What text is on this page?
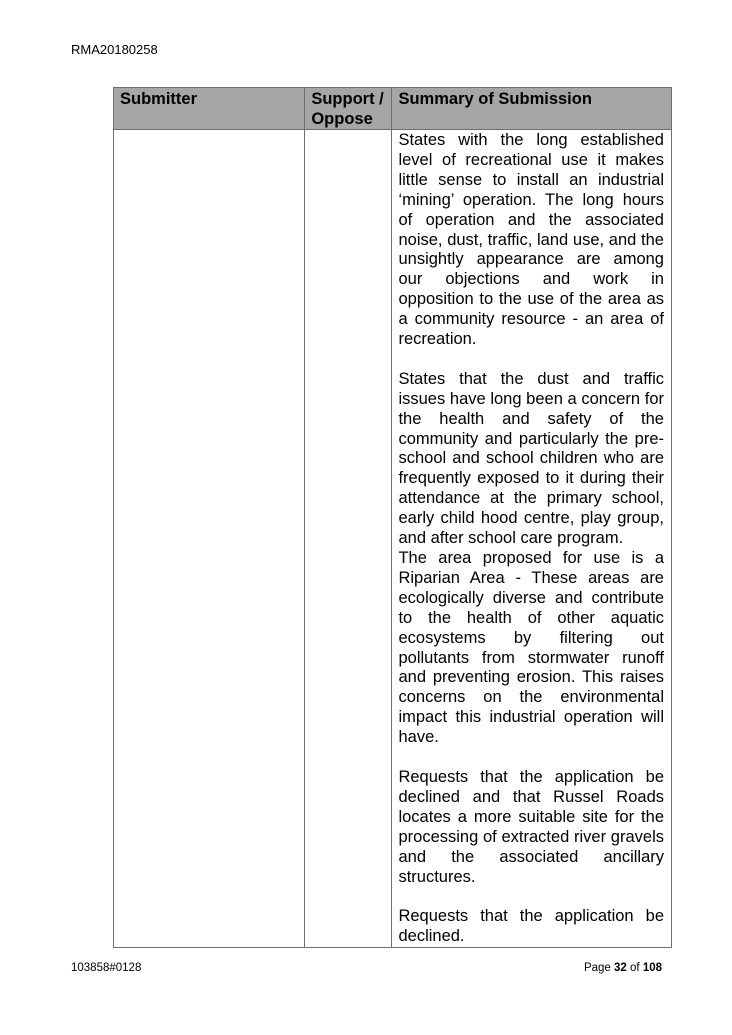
RMA20180258
Submitter	Support / Oppose	Summary of Submission

		States with the long established level of recreational use it makes little sense to install an industrial ‘mining’ operation. The long hours of operation and the associated noise, dust, traffic, land use, and the unsightly appearance are among our objections and work in opposition to the use of the area as a community resource - an area of recreation.

States that the dust and traffic issues have long been a concern for the health and safety of the community and particularly the pre-school and school children who are frequently exposed to it during their attendance at the primary school, early child hood centre, play group, and after school care program.

The area proposed for use is a Riparian Area - These areas are ecologically diverse and contribute to the health of other aquatic ecosystems by filtering out pollutants from stormwater runoff and preventing erosion. This raises concerns on the environmental impact this industrial operation will have.

Requests that the application be declined and that Russel Roads locates a more suitable site for the processing of extracted river gravels and the associated ancillary structures.

Requests that the application be declined.

103858#0128	Page 32 of 108
